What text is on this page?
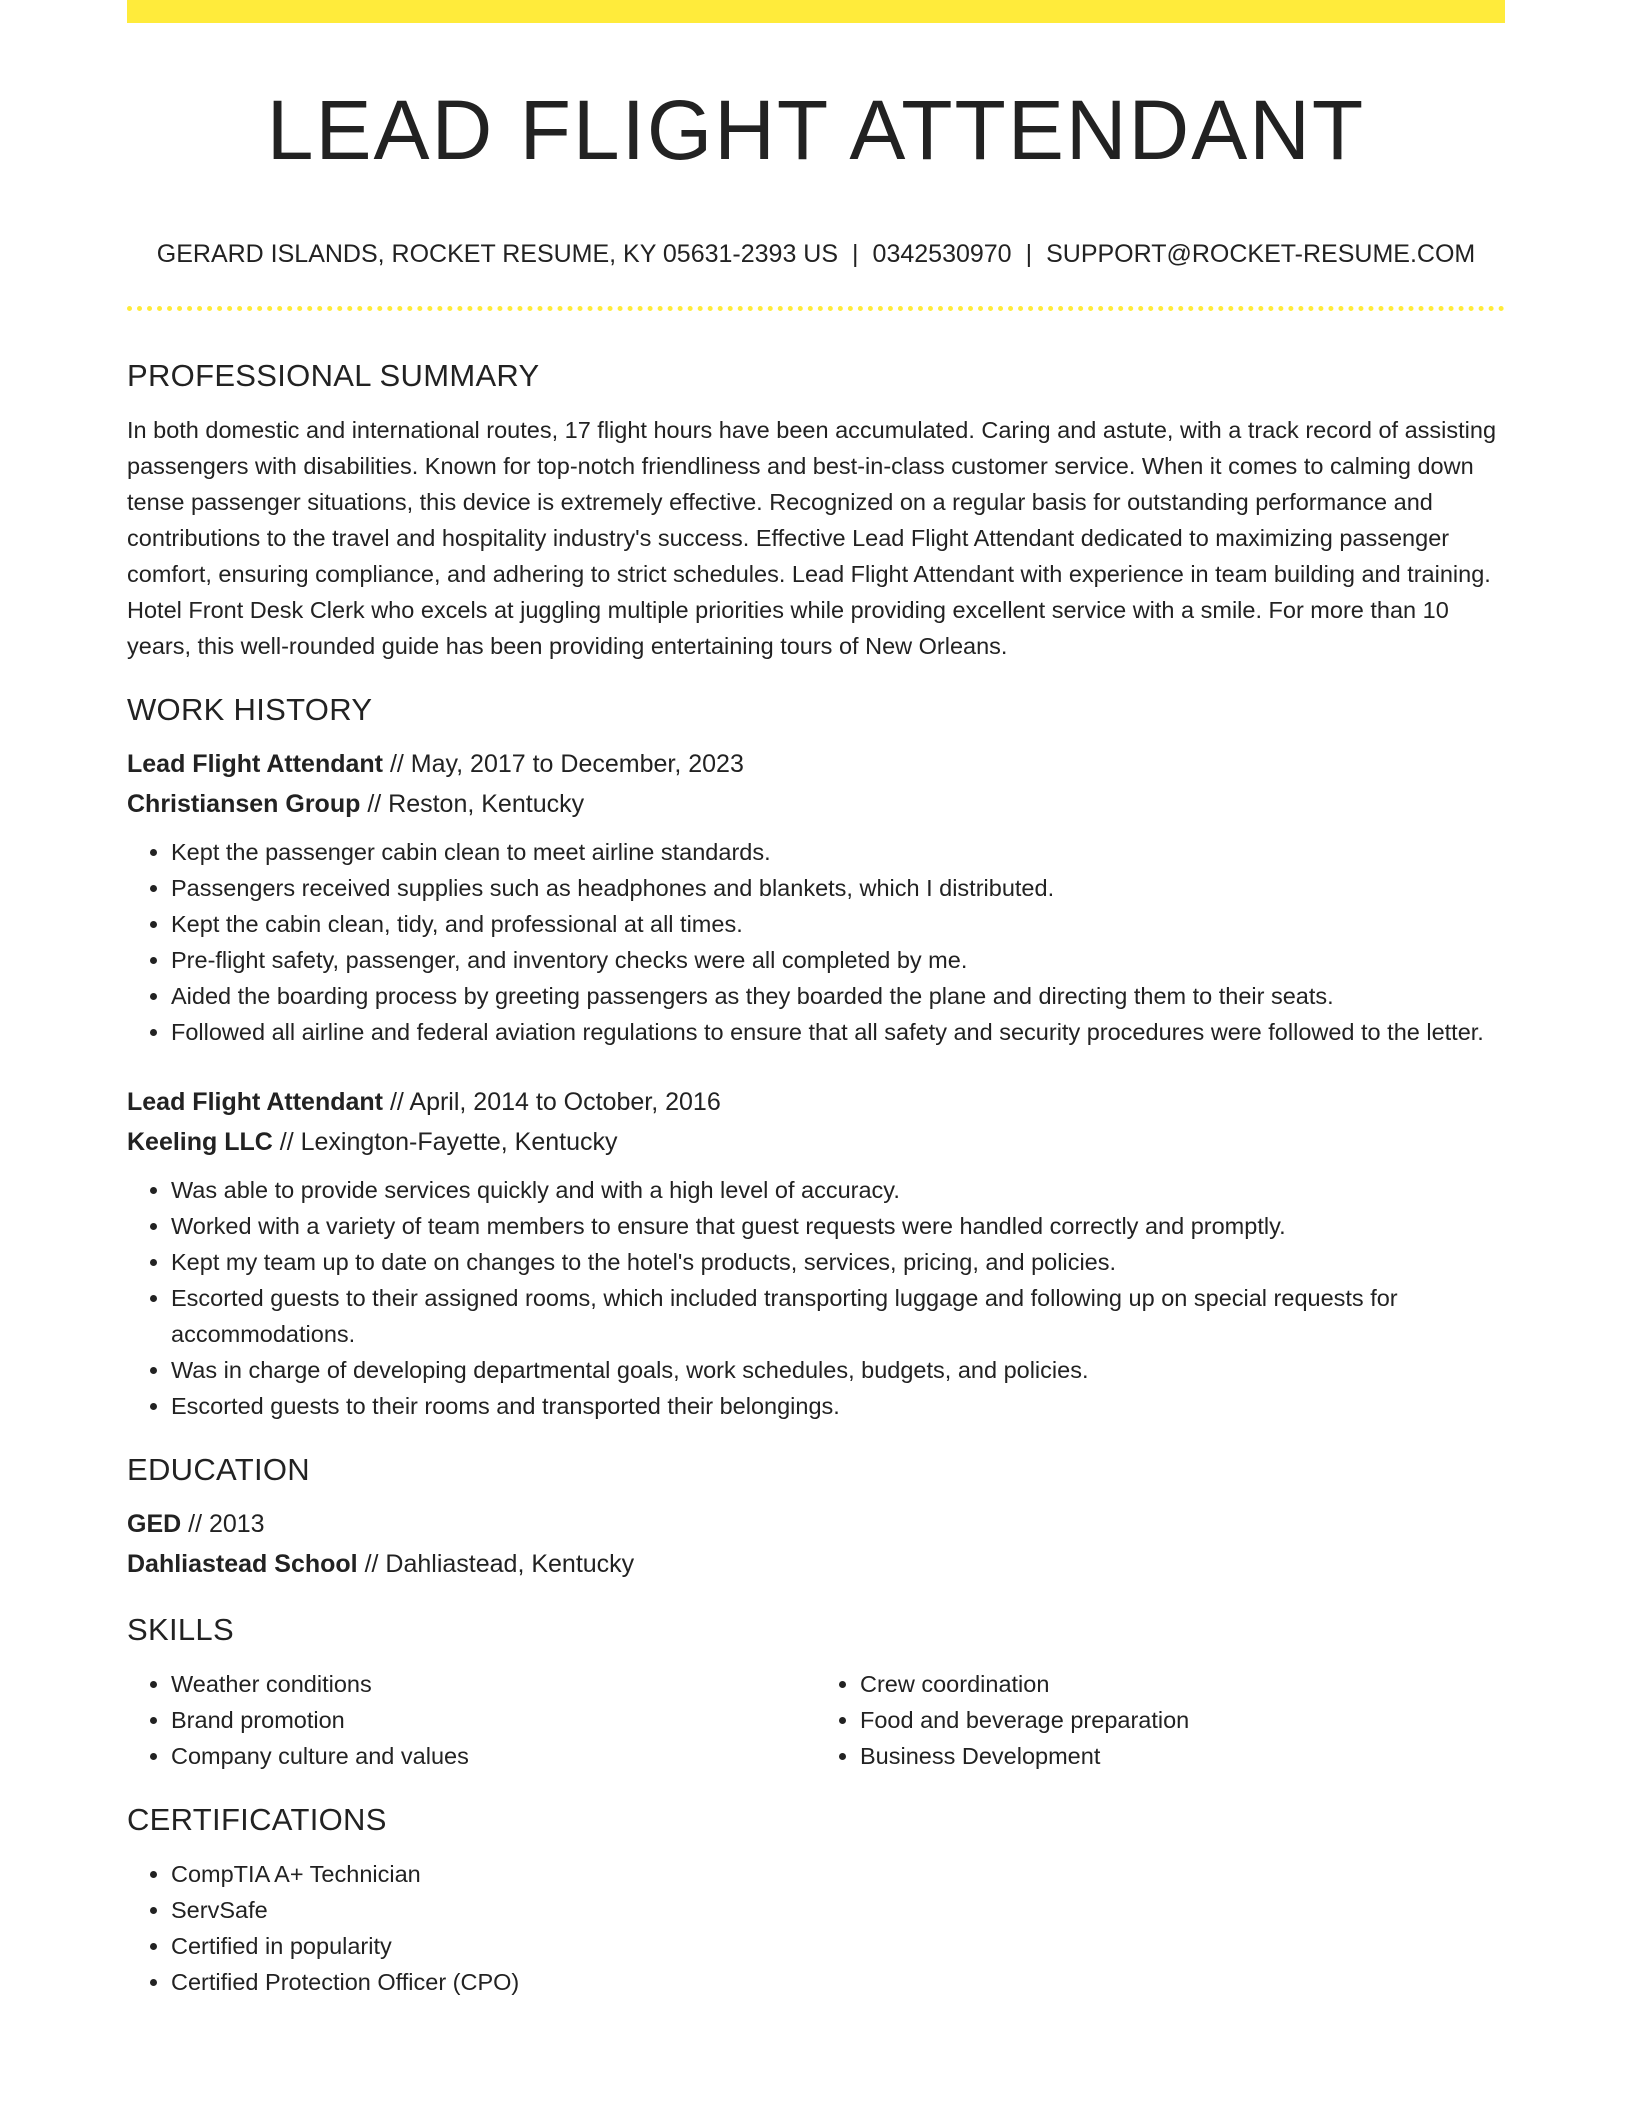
LEAD FLIGHT ATTENDANT
GERARD ISLANDS, ROCKET RESUME, KY 05631-2393 US | 0342530970 | SUPPORT@ROCKET-RESUME.COM
PROFESSIONAL SUMMARY

In both domestic and international routes, 17 flight hours have been accumulated. Caring and astute, with a track record of assisting passengers with disabilities. Known for top-notch friendliness and best-in-class customer service. When it comes to calming down tense passenger situations, this device is extremely effective. Recognized on a regular basis for outstanding performance and contributions to the travel and hospitality industry's success. Effective Lead Flight Attendant dedicated to maximizing passenger comfort, ensuring compliance, and adhering to strict schedules. Lead Flight Attendant with experience in team building and training. Hotel Front Desk Clerk who excels at juggling multiple priorities while providing excellent service with a smile. For more than 10 years, this well-rounded guide has been providing entertaining tours of New Orleans.

WORK HISTORY
Lead Flight Attendant // May, 2017 to December, 2023
Christiansen Group // Reston, Kentucky
• Kept the passenger cabin clean to meet airline standards.
• Passengers received supplies such as headphones and blankets, which I distributed.
• Kept the cabin clean, tidy, and professional at all times.
• Pre-flight safety, passenger, and inventory checks were all completed by me.
• Aided the boarding process by greeting passengers as they boarded the plane and directing them to their seats.
• Followed all airline and federal aviation regulations to ensure that all safety and security procedures were followed to the letter.
Lead Flight Attendant // April, 2014 to October, 2016
Keeling LLC // Lexington-Fayette, Kentucky
• Was able to provide services quickly and with a high level of accuracy.
• Worked with a variety of team members to ensure that guest requests were handled correctly and promptly.
• Kept my team up to date on changes to the hotel's products, services, pricing, and policies.
• Escorted guests to their assigned rooms, which included transporting luggage and following up on special requests for accommodations.
• Was in charge of developing departmental goals, work schedules, budgets, and policies.
• Escorted guests to their rooms and transported their belongings.
EDUCATION
GED // 2013
Dahliastead School // Dahliastead, Kentucky
SKILLS
• Weather conditions
• Brand promotion
• Company culture and values
• Crew coordination
• Food and beverage preparation
• Business Development
CERTIFICATIONS
• CompTIA A+ Technician
• ServSafe
• Certified in popularity
• Certified Protection Officer (CPO)
